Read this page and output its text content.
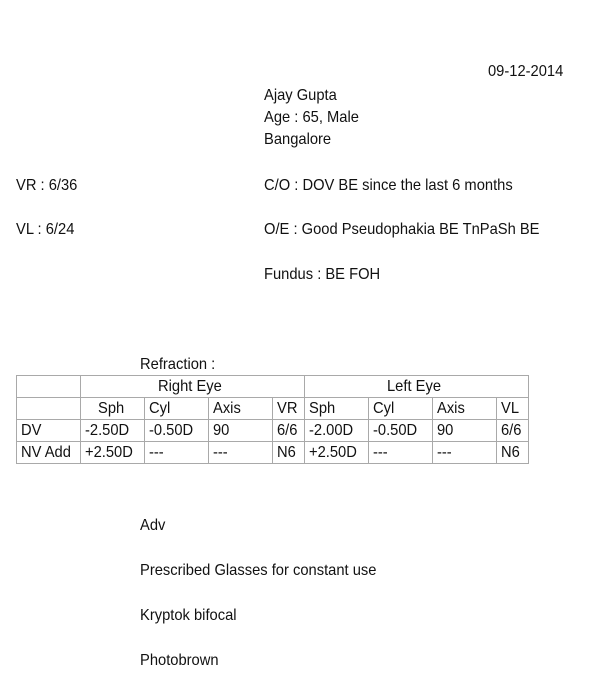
09-12-2014
Ajay Gupta
Age : 65, Male
Bangalore
VR : 6/36	C/O : DOV BE since the last 6 months
VL : 6/24	O/E : Good Pseudophakia BE TnPaSh BE
Fundus : BE FOH
Refraction :
	Right Eye				Left Eye			
	Sph	Cyl	Axis	VR	Sph	Cyl	Axis	VL
DV	-2.50D	-0.50D	90	6/6	-2.00D	-0.50D	90	6/6
NV Add	+2.50D	---	---	N6	+2.50D	---	---	N6
Adv
Prescribed Glasses for constant use
Kryptok bifocal
Photobrown
